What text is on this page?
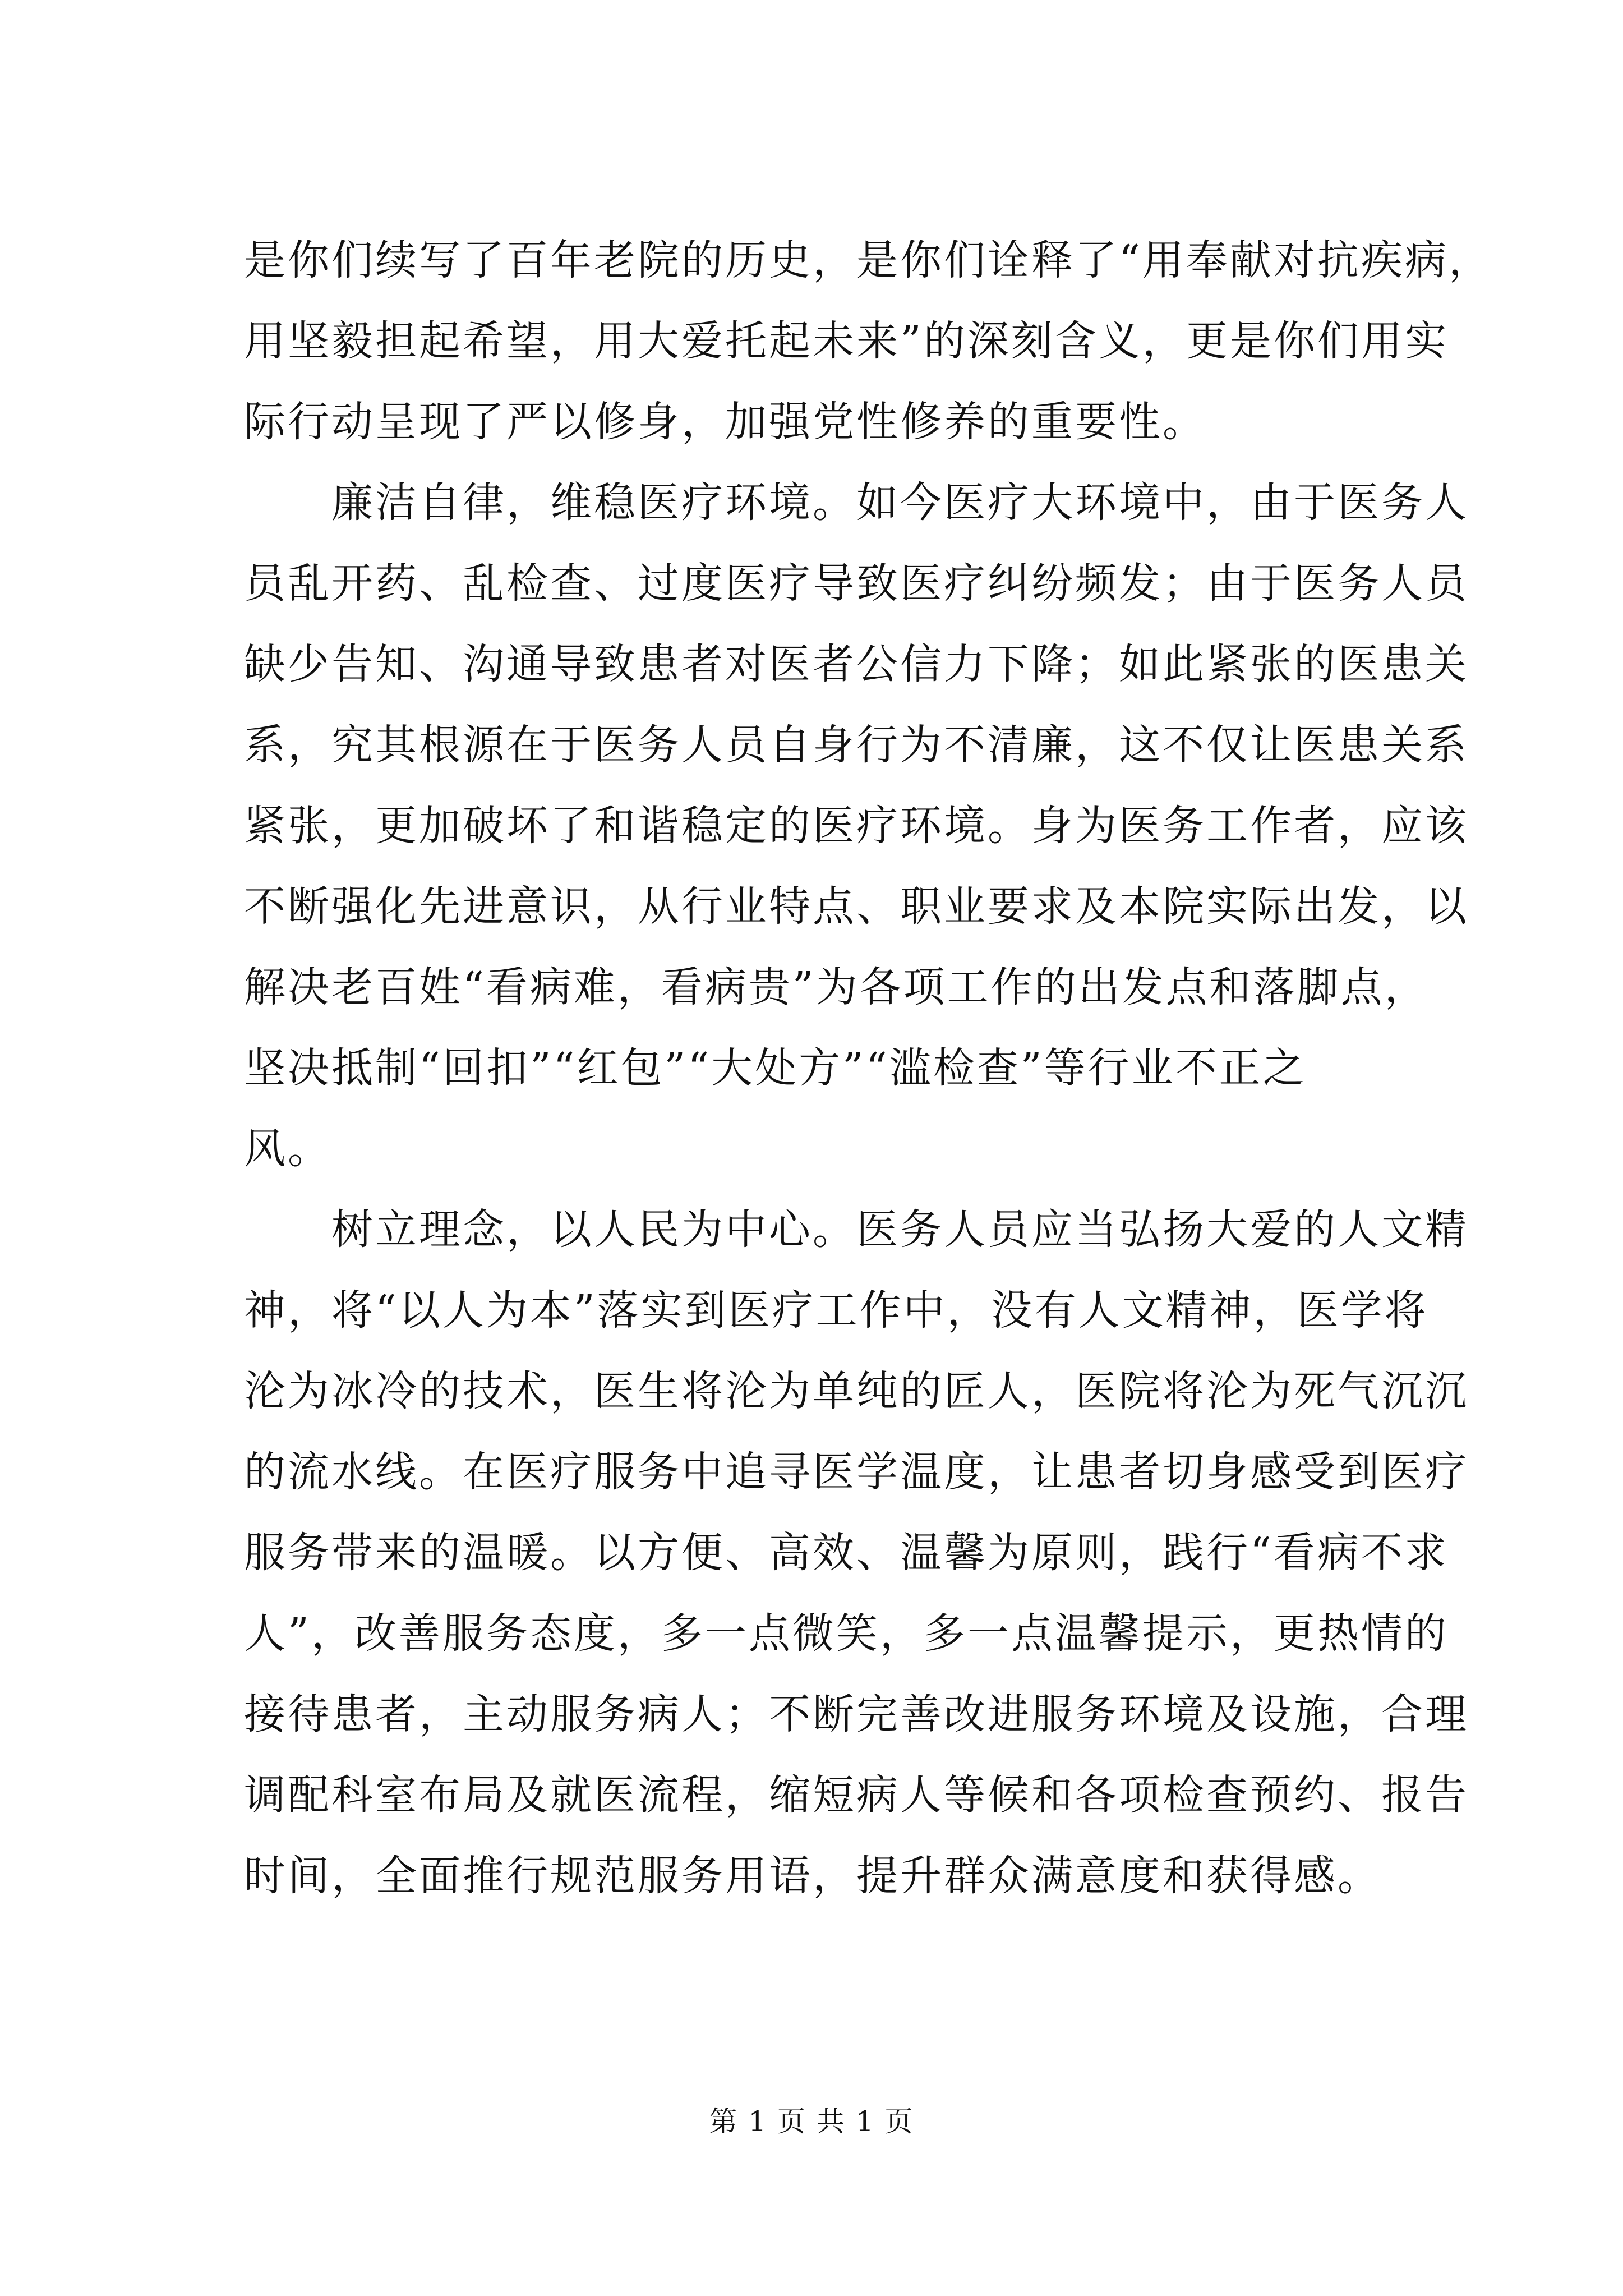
是你们续写了百年老院的历史，是你们诠释了“用奉献对抗疾病，
用坚毅担起希望，用大爱托起未来”的深刻含义，更是你们用实
际行动呈现了严以修身，加强党性修养的重要性。
　　廉洁自律，维稳医疗环境。如今医疗大环境中，由于医务人
员乱开药、乱检查、过度医疗导致医疗纠纷频发；由于医务人员
缺少告知、沟通导致患者对医者公信力下降；如此紧张的医患关
系，究其根源在于医务人员自身行为不清廉，这不仅让医患关系
紧张，更加破坏了和谐稳定的医疗环境。身为医务工作者，应该
不断强化先进意识，从行业特点、职业要求及本院实际出发，以
解决老百姓“看病难，看病贵”为各项工作的出发点和落脚点，
坚决抵制“回扣”“红包”“大处方”“滥检查”等行业不正之
风。
　　树立理念，以人民为中心。医务人员应当弘扬大爱的人文精
神，将“以人为本”落实到医疗工作中，没有人文精神，医学将
沦为冰冷的技术，医生将沦为单纯的匠人，医院将沦为死气沉沉
的流水线。在医疗服务中追寻医学温度，让患者切身感受到医疗
服务带来的温暖。以方便、高效、温馨为原则，践行“看病不求
人”，改善服务态度，多一点微笑，多一点温馨提示，更热情的
接待患者，主动服务病人；不断完善改进服务环境及设施，合理
调配科室布局及就医流程，缩短病人等候和各项检查预约、报告
时间，全面推行规范服务用语，提升群众满意度和获得感。
第 1 页 共 1 页
